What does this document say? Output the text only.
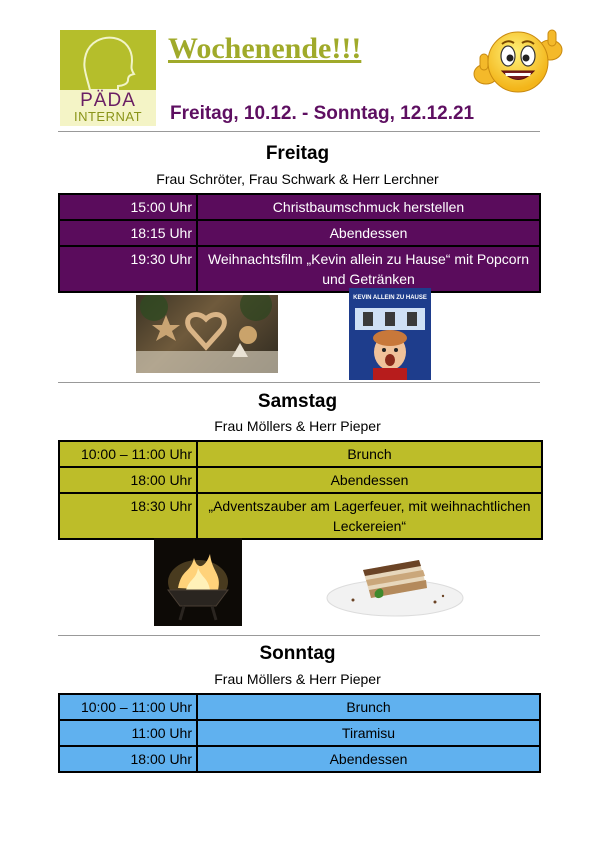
PÄDA
INTERNAT
Wochenende!!!
Freitag, 10.12. - Sonntag, 12.12.21
Freitag
Frau Schröter, Frau Schwark & Herr Lerchner
15:00 Uhr	Christbaumschmuck herstellen
18:15 Uhr	Abendessen
19:30 Uhr	Weihnachtsfilm „Kevin allein zu Hause“ mit Popcorn und Getränken
KEVIN ALLEIN ZU HAUSE
Samstag
Frau Möllers & Herr Pieper
10:00 – 11:00 Uhr	Brunch
18:00 Uhr	Abendessen
18:30 Uhr	„Adventszauber am Lagerfeuer, mit weihnachtlichen Leckereien“
Sonntag
Frau Möllers & Herr Pieper
10:00 – 11:00 Uhr	Brunch
11:00 Uhr	Tiramisu
18:00 Uhr	Abendessen
